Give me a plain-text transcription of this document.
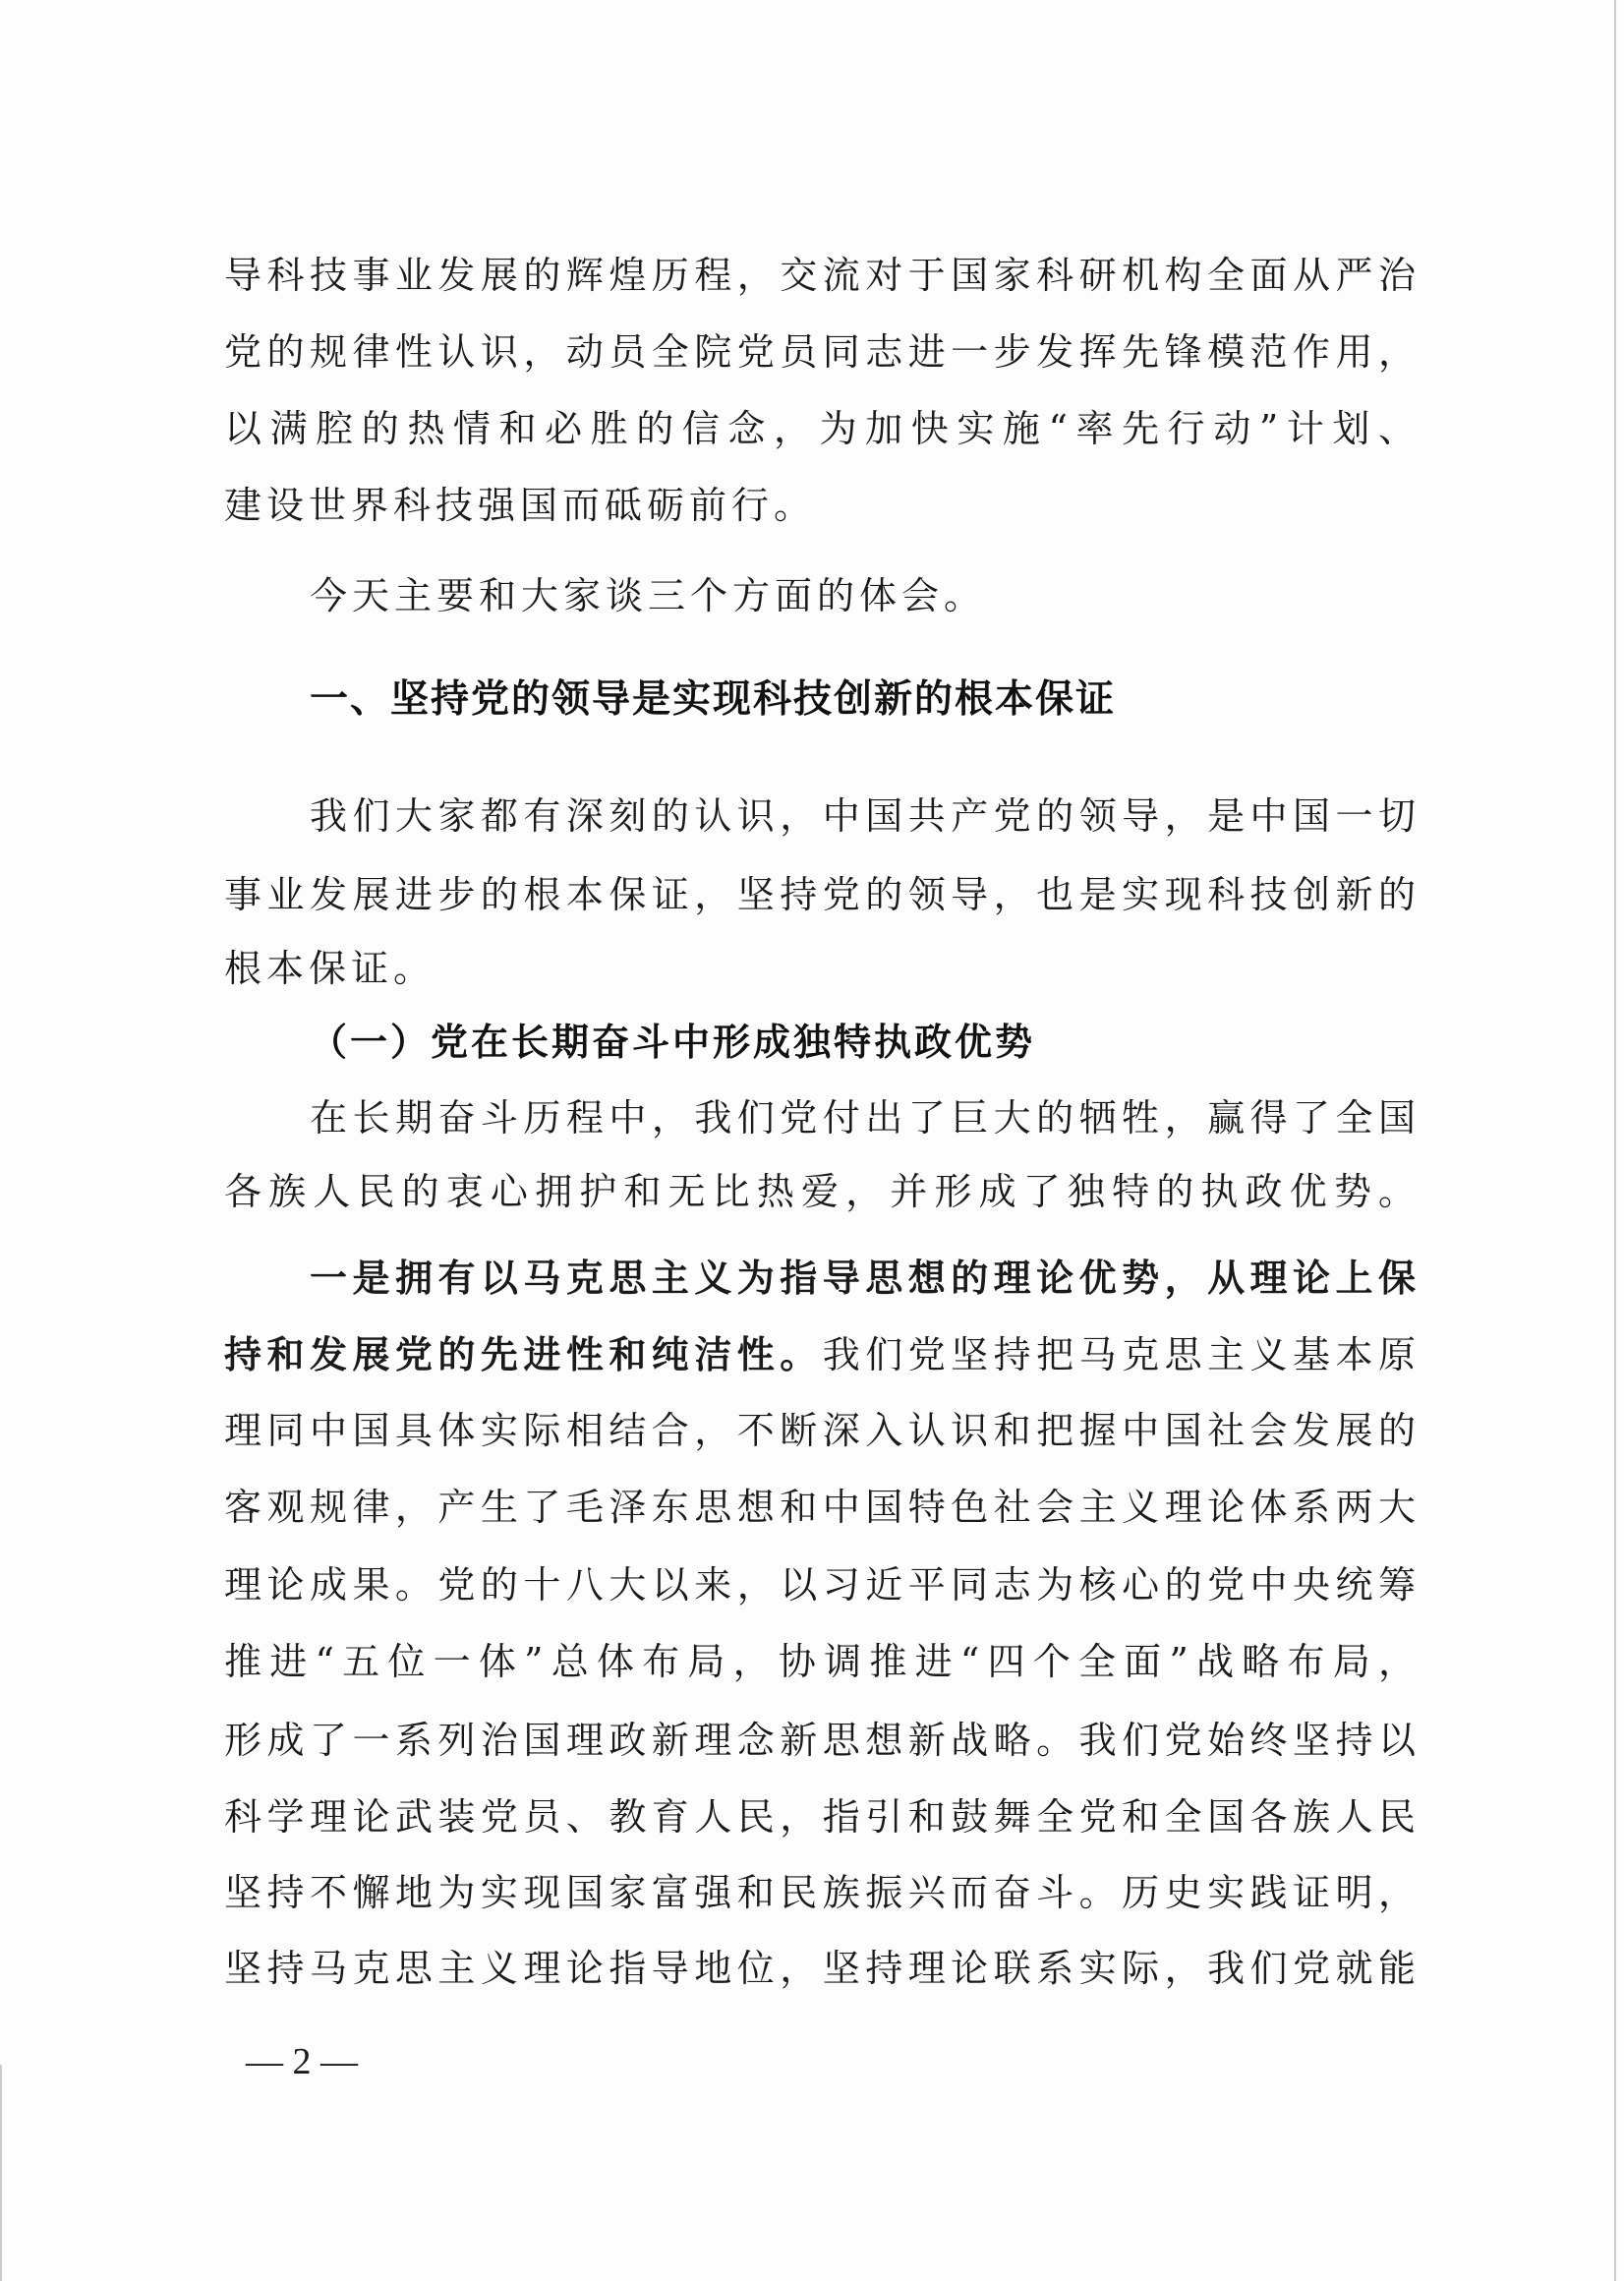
导科技事业发展的辉煌历程，交流对于国家科研机构全面从严治
党的规律性认识，动员全院党员同志进一步发挥先锋模范作用，
以满腔的热情和必胜的信念，为加快实施“率先行动”计划、
建设世界科技强国而砥砺前行。
今天主要和大家谈三个方面的体会。
一、坚持党的领导是实现科技创新的根本保证
我们大家都有深刻的认识，中国共产党的领导，是中国一切
事业发展进步的根本保证，坚持党的领导，也是实现科技创新的
根本保证。
（一）党在长期奋斗中形成独特执政优势
在长期奋斗历程中，我们党付出了巨大的牺牲，赢得了全国
各族人民的衷心拥护和无比热爱，并形成了独特的执政优势。
一是拥有以马克思主义为指导思想的理论优势，从理论上保
持和发展党的先进性和纯洁性。我们党坚持把马克思主义基本原
理同中国具体实际相结合，不断深入认识和把握中国社会发展的
客观规律，产生了毛泽东思想和中国特色社会主义理论体系两大
理论成果。党的十八大以来，以习近平同志为核心的党中央统筹
推进“五位一体”总体布局，协调推进“四个全面”战略布局，
形成了一系列治国理政新理念新思想新战略。我们党始终坚持以
科学理论武装党员、教育人民，指引和鼓舞全党和全国各族人民
坚持不懈地为实现国家富强和民族振兴而奋斗。历史实践证明，
坚持马克思主义理论指导地位，坚持理论联系实际，我们党就能
— 2 —
